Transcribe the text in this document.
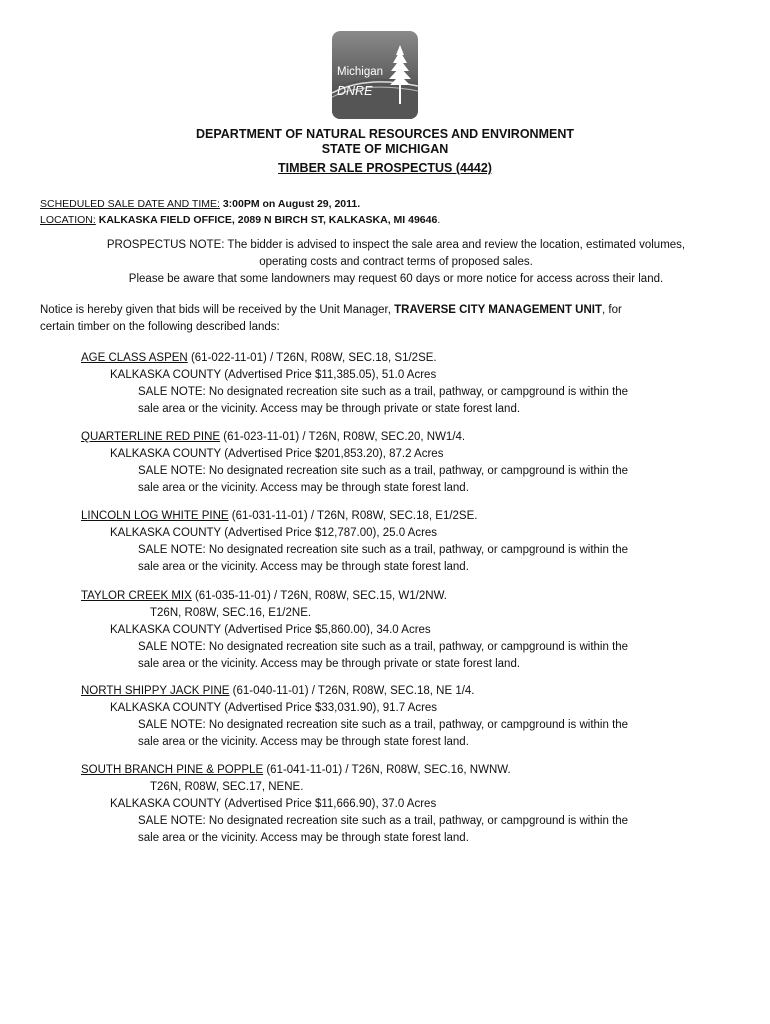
Michigan
DNRE
DEPARTMENT OF NATURAL RESOURCES AND ENVIRONMENT
STATE OF MICHIGAN
TIMBER SALE PROSPECTUS (4442)
SCHEDULED SALE DATE AND TIME: 3:00PM on August 29, 2011.
LOCATION: KALKASKA FIELD OFFICE, 2089 N BIRCH ST, KALKASKA, MI 49646.
PROSPECTUS NOTE: The bidder is advised to inspect the sale area and review the location, estimated volumes,
operating costs and contract terms of proposed sales.
Please be aware that some landowners may request 60 days or more notice for access across their land.
Notice is hereby given that bids will be received by the Unit Manager, TRAVERSE CITY MANAGEMENT UNIT, for
certain timber on the following described lands:
AGE CLASS ASPEN (61-022-11-01) / T26N, R08W, SEC.18, S1/2SE.
KALKASKA COUNTY (Advertised Price $11,385.05), 51.0 Acres
SALE NOTE: No designated recreation site such as a trail, pathway, or campground is within the
sale area or the vicinity. Access may be through private or state forest land.
QUARTERLINE RED PINE (61-023-11-01) / T26N, R08W, SEC.20, NW1/4.
KALKASKA COUNTY (Advertised Price $201,853.20), 87.2 Acres
SALE NOTE: No designated recreation site such as a trail, pathway, or campground is within the
sale area or the vicinity. Access may be through state forest land.
LINCOLN LOG WHITE PINE (61-031-11-01) / T26N, R08W, SEC.18, E1/2SE.
KALKASKA COUNTY (Advertised Price $12,787.00), 25.0 Acres
SALE NOTE: No designated recreation site such as a trail, pathway, or campground is within the
sale area or the vicinity. Access may be through state forest land.
TAYLOR CREEK MIX (61-035-11-01) / T26N, R08W, SEC.15, W1/2NW.
T26N, R08W, SEC.16, E1/2NE.
KALKASKA COUNTY (Advertised Price $5,860.00), 34.0 Acres
SALE NOTE: No designated recreation site such as a trail, pathway, or campground is within the
sale area or the vicinity. Access may be through private or state forest land.
NORTH SHIPPY JACK PINE (61-040-11-01) / T26N, R08W, SEC.18, NE 1/4.
KALKASKA COUNTY (Advertised Price $33,031.90), 91.7 Acres
SALE NOTE: No designated recreation site such as a trail, pathway, or campground is within the
sale area or the vicinity. Access may be through state forest land.
SOUTH BRANCH PINE & POPPLE (61-041-11-01) / T26N, R08W, SEC.16, NWNW.
T26N, R08W, SEC.17, NENE.
KALKASKA COUNTY (Advertised Price $11,666.90), 37.0 Acres
SALE NOTE: No designated recreation site such as a trail, pathway, or campground is within the
sale area or the vicinity. Access may be through state forest land.
